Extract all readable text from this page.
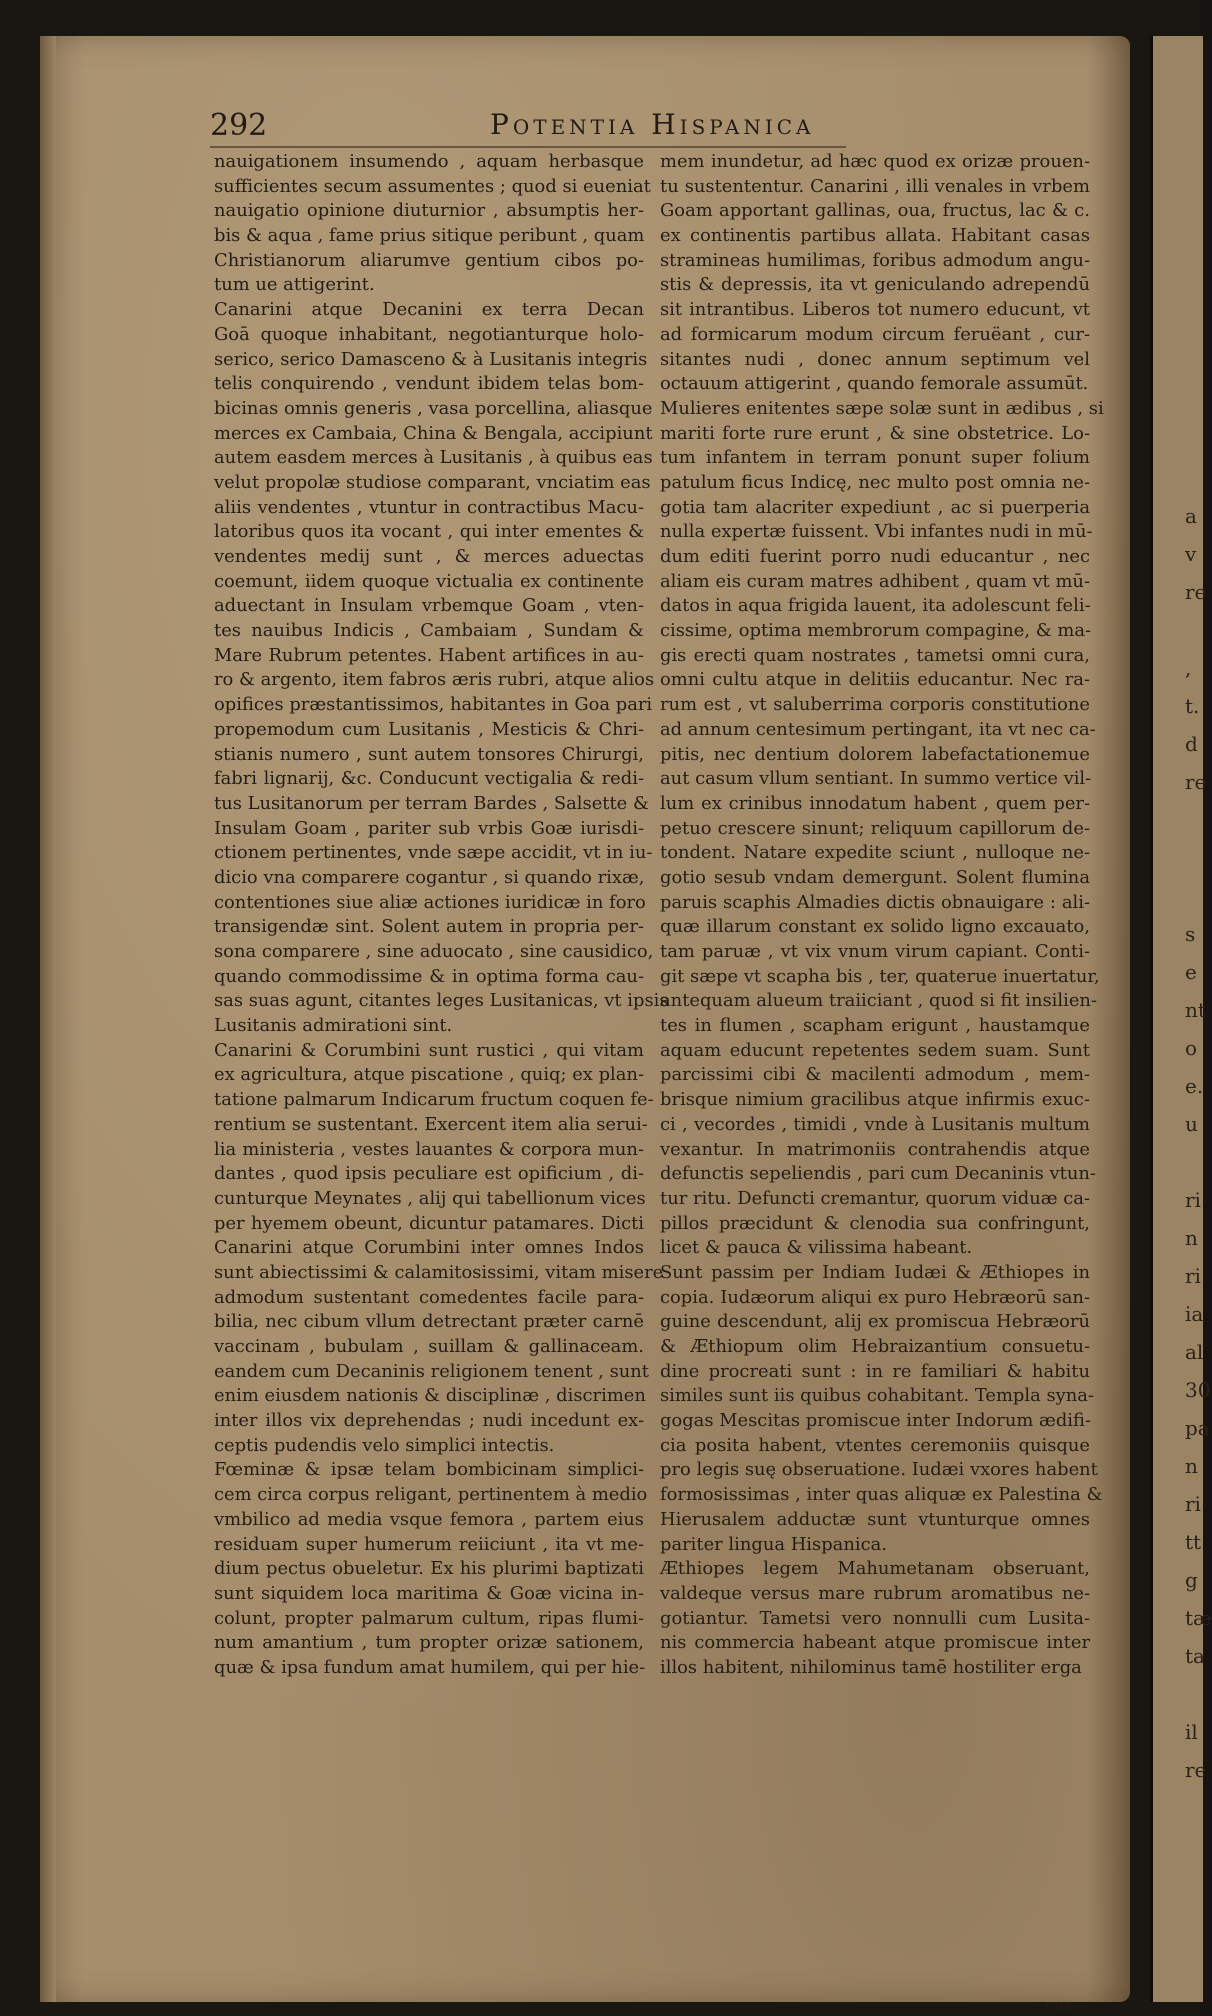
a
v
re
,
t.
d
re
s
e
nt
o
e.
u
ri
n
ri
ia
al
30
pa
n
ri
tt
g
tæ
ta
il
re
292	Potentia Hispanica
nauigationem insumendo , aquam herbasque
sufficientes secum assumentes ; quod si eueniat
nauigatio opinione diuturnior , absumptis her-
bis & aqua , fame prius sitique peribunt , quam
Christianorum aliarumve gentium cibos po-
tum ue attigerint.
Canarini atque Decanini ex terra Decan
Goā quoque inhabitant, negotianturque holo-
serico, serico Damasceno & à Lusitanis integris
telis conquirendo , vendunt ibidem telas bom-
bicinas omnis generis , vasa porcellina, aliasque
merces ex Cambaia, China & Bengala, accipiunt
autem easdem merces à Lusitanis , à quibus eas
velut propolæ studiose comparant, vnciatim eas
aliis vendentes , vtuntur in contractibus Macu-
latoribus quos ita vocant , qui inter ementes &
vendentes medij sunt , & merces aduectas
coemunt, iidem quoque victualia ex continente
aduectant in Insulam vrbemque Goam , vten-
tes nauibus Indicis , Cambaiam , Sundam &
Mare Rubrum petentes. Habent artifices in au-
ro & argento, item fabros æris rubri, atque alios
opifices præstantissimos, habitantes in Goa pari
propemodum cum Lusitanis , Mesticis & Chri-
stianis numero , sunt autem tonsores Chirurgi,
fabri lignarij, &c. Conducunt vectigalia & redi-
tus Lusitanorum per terram Bardes , Salsette &
Insulam Goam , pariter sub vrbis Goæ iurisdi-
ctionem pertinentes, vnde sæpe accidit, vt in iu-
dicio vna comparere cogantur , si quando rixæ,
contentiones siue aliæ actiones iuridicæ in foro
transigendæ sint. Solent autem in propria per-
sona comparere , sine aduocato , sine causidico,
quando commodissime & in optima forma cau-
sas suas agunt, citantes leges Lusitanicas, vt ipsis
Lusitanis admirationi sint.
Canarini & Corumbini sunt rustici , qui vitam
ex agricultura, atque piscatione , quiq; ex plan-
tatione palmarum Indicarum fructum coquen fe-
rentium se sustentant. Exercent item alia serui-
lia ministeria , vestes lauantes & corpora mun-
dantes , quod ipsis peculiare est opificium , di-
cunturque Meynates , alij qui tabellionum vices
per hyemem obeunt, dicuntur patamares. Dicti
Canarini atque Corumbini inter omnes Indos
sunt abiectissimi & calamitosissimi, vitam misere
admodum sustentant comedentes facile para-
bilia, nec cibum vllum detrectant præter carnē
vaccinam , bubulam , suillam & gallinaceam.
eandem cum Decaninis religionem tenent , sunt
enim eiusdem nationis & disciplinæ , discrimen
inter illos vix deprehendas ; nudi incedunt ex-
ceptis pudendis velo simplici intectis.
Fœminæ & ipsæ telam bombicinam simplici-
cem circa corpus religant, pertinentem à medio
vmbilico ad media vsque femora , partem eius
residuam super humerum reiiciunt , ita vt me-
dium pectus obueletur. Ex his plurimi baptizati
sunt siquidem loca maritima & Goæ vicina in-
colunt, propter palmarum cultum, ripas flumi-
num amantium , tum propter orizæ sationem,
quæ & ipsa fundum amat humilem, qui per hie-
mem inundetur, ad hæc quod ex orizæ prouen-
tu sustententur. Canarini , illi venales in vrbem
Goam apportant gallinas, oua, fructus, lac & c.
ex continentis partibus allata. Habitant casas
stramineas humilimas, foribus admodum angu-
stis & depressis, ita vt geniculando adrependū
sit intrantibus. Liberos tot numero educunt, vt
ad formicarum modum circum feruëant , cur-
sitantes nudi , donec annum septimum vel
octauum attigerint , quando femorale assumūt.
Mulieres enitentes sæpe solæ sunt in ædibus , si
mariti forte rure erunt , & sine obstetrice. Lo-
tum infantem in terram ponunt super folium
patulum ficus Indicę, nec multo post omnia ne-
gotia tam alacriter expediunt , ac si puerperia
nulla expertæ fuissent. Vbi infantes nudi in mū-
dum editi fuerint porro nudi educantur , nec
aliam eis curam matres adhibent , quam vt mū-
datos in aqua frigida lauent, ita adolescunt feli-
cissime, optima membrorum compagine, & ma-
gis erecti quam nostrates , tametsi omni cura,
omni cultu atque in delitiis educantur. Nec ra-
rum est , vt saluberrima corporis constitutione
ad annum centesimum pertingant, ita vt nec ca-
pitis, nec dentium dolorem labefactationemue
aut casum vllum sentiant. In summo vertice vil-
lum ex crinibus innodatum habent , quem per-
petuo crescere sinunt; reliquum capillorum de-
tondent. Natare expedite sciunt , nulloque ne-
gotio sesub vndam demergunt. Solent flumina
paruis scaphis Almadies dictis obnauigare : ali-
quæ illarum constant ex solido ligno excauato,
tam paruæ , vt vix vnum virum capiant. Conti-
git sæpe vt scapha bis , ter, quaterue inuertatur,
antequam alueum traiiciant , quod si fit insilien-
tes in flumen , scapham erigunt , haustamque
aquam educunt repetentes sedem suam. Sunt
parcissimi cibi & macilenti admodum , mem-
brisque nimium gracilibus atque infirmis exuc-
ci , vecordes , timidi , vnde à Lusitanis multum
vexantur. In matrimoniis contrahendis atque
defunctis sepeliendis , pari cum Decaninis vtun-
tur ritu. Defuncti cremantur, quorum viduæ ca-
pillos præcidunt & clenodia sua confringunt,
licet & pauca & vilissima habeant.
Sunt passim per Indiam Iudæi & Æthiopes in
copia. Iudæorum aliqui ex puro Hebræorū san-
guine descendunt, alij ex promiscua Hebræorū
& Æthiopum olim Hebraizantium consuetu-
dine procreati sunt : in re familiari & habitu
similes sunt iis quibus cohabitant. Templa syna-
gogas Mescitas promiscue inter Indorum ædifi-
cia posita habent, vtentes ceremoniis quisque
pro legis suę obseruatione. Iudæi vxores habent
formosissimas , inter quas aliquæ ex Palestina &
Hierusalem adductæ sunt vtunturque omnes
pariter lingua Hispanica.
Æthiopes legem Mahumetanam obseruant,
valdeque versus mare rubrum aromatibus ne-
gotiantur. Tametsi vero nonnulli cum Lusita-
nis commercia habeant atque promiscue inter
illos habitent, nihilominus tamē hostiliter erga
cos
